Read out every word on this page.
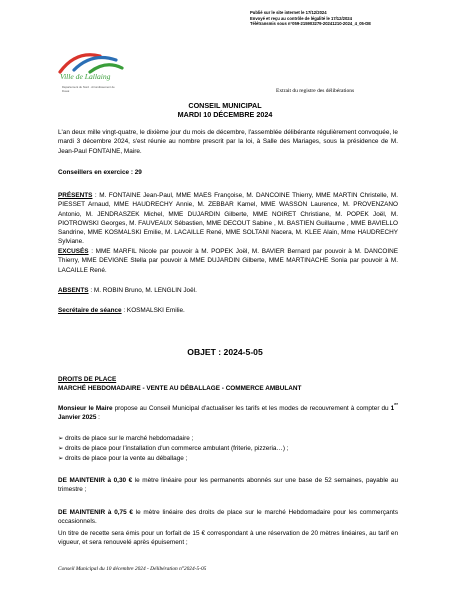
Publié sur le site internet le 17/12/2024
Envoyé et reçu au contrôle de légalité le 17/12/2024
Télétransmis sous n°059-215903279-20241210-2024_4_05-DE
Ville de Lallaing
Département du Nord · Arrondissement de Douai	Extrait du registre des délibérations
CONSEIL MUNICIPAL
MARDI 10 DÉCEMBRE 2024
L'an deux mille vingt-quatre, le dixième jour du mois de décembre, l'assemblée délibérante régulièrement convoquée, le mardi 3 décembre 2024, s'est réunie au nombre prescrit par la loi, à Salle des Mariages, sous la présidence de M. Jean-Paul FONTAINE, Maire.
Conseillers en exercice : 29
PRÉSENTS : M. FONTAINE Jean-Paul, MME MAES Françoise, M. DANCOINE Thierry, MME MARTIN Christelle, M. PIESSET Arnaud, MME HAUDRECHY Annie, M. ZEBBAR Kamel, MME WASSON Laurence, M. PROVENZANO Antonio, M. JENDRASZEK Michel, MME DUJARDIN Gilberte, MME NOIRET Christiane, M. POPEK Joël, M. PIOTROWSKI Georges, M. FAUVEAUX Sébastien, MME DECOUT Sabine , M. BASTIEN Guillaume , MME BAVIELLO Sandrine, MME KOSMALSKI Emilie, M. LACAILLE René, MME SOLTANI Nacera, M. KLEE Alain, Mme HAUDRECHY Sylviane.
EXCUSÉS : MME MARFIL Nicole par pouvoir à M. POPEK Joël, M. BAVIER Bernard par pouvoir à M. DANCOINE Thierry, MME DEVIGNE Stella par pouvoir à MME DUJARDIN Gilberte, MME MARTINACHE Sonia par pouvoir à M. LACAILLE René.
ABSENTS : M. ROBIN Bruno, M. LENGLIN Joël.
Secrétaire de séance : KOSMALSKI Emilie.
OBJET : 2024-5-05
DROITS DE PLACE
MARCHÉ HEBDOMADAIRE - VENTE AU DÉBALLAGE - COMMERCE AMBULANT
Monsieur le Maire propose au Conseil Municipal d'actualiser les tarifs et les modes de recouvrement à compter du 1er Janvier 2025 :
➢ droits de place sur le marché hebdomadaire ;
➢ droits de place pour l'installation d'un commerce ambulant (friterie, pizzeria…) ;
➢ droits de place pour la vente au déballage ;
DE MAINTENIR à 0,30 € le mètre linéaire pour les permanents abonnés sur une base de 52 semaines, payable au trimestre ;
DE MAINTENIR à 0,75 € le mètre linéaire des droits de place sur le marché Hebdomadaire pour les commerçants occasionnels.
Un titre de recette sera émis pour un forfait de 15 € correspondant à une réservation de 20 mètres linéaires, au tarif en vigueur, et sera renouvelé après épuisement ;
Conseil Municipal du 10 décembre 2024 - Délibération n°2024-5-05
